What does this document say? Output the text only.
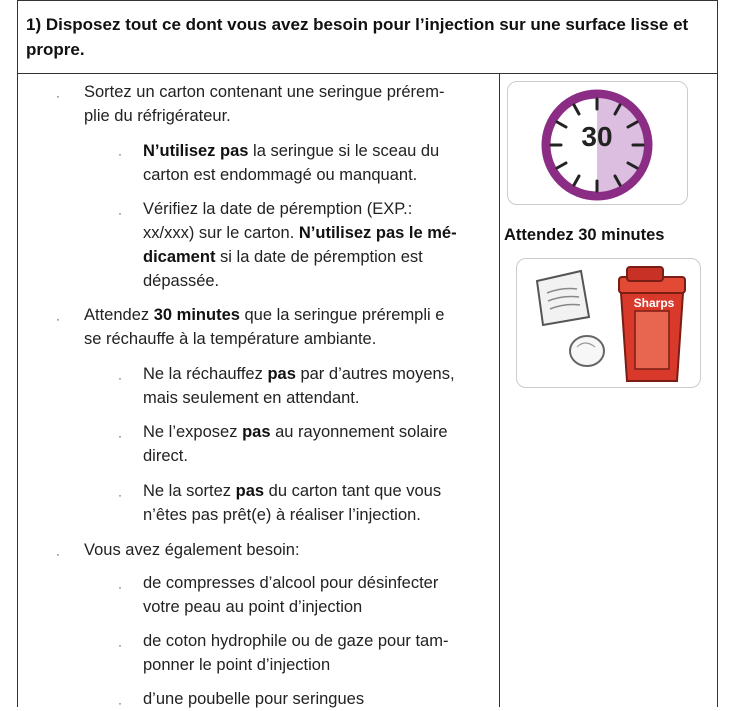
1) Disposez tout ce dont vous avez besoin pour l’injection sur une surface lisse et propre.
· Sortez un carton contenant une seringue prérem-
plie du réfrigérateur.
· N’utilisez pas la seringue si le sceau du
carton est endommagé ou manquant.
· Vérifiez la date de péremption (EXP.:
xx/xxx) sur le carton. N’utilisez pas le mé-
dicament si la date de péremption est
dépassée.
· Attendez 30 minutes que la seringue prérempli e
se réchauffe à la température ambiante.
· Ne la réchauffez pas par d’autres moyens,
mais seulement en attendant.
· Ne l’exposez pas au rayonnement solaire
direct.
· Ne la sortez pas du carton tant que vous
n’êtes pas prêt(e) à réaliser l’injection.
· Vous avez également besoin:
· de compresses d’alcool pour désinfecter
votre peau au point d’injection
· de coton hydrophile ou de gaze pour tam-
ponner le point d’injection
· d’une poubelle pour seringues
30
Attendez 30 minutes
Sharps
